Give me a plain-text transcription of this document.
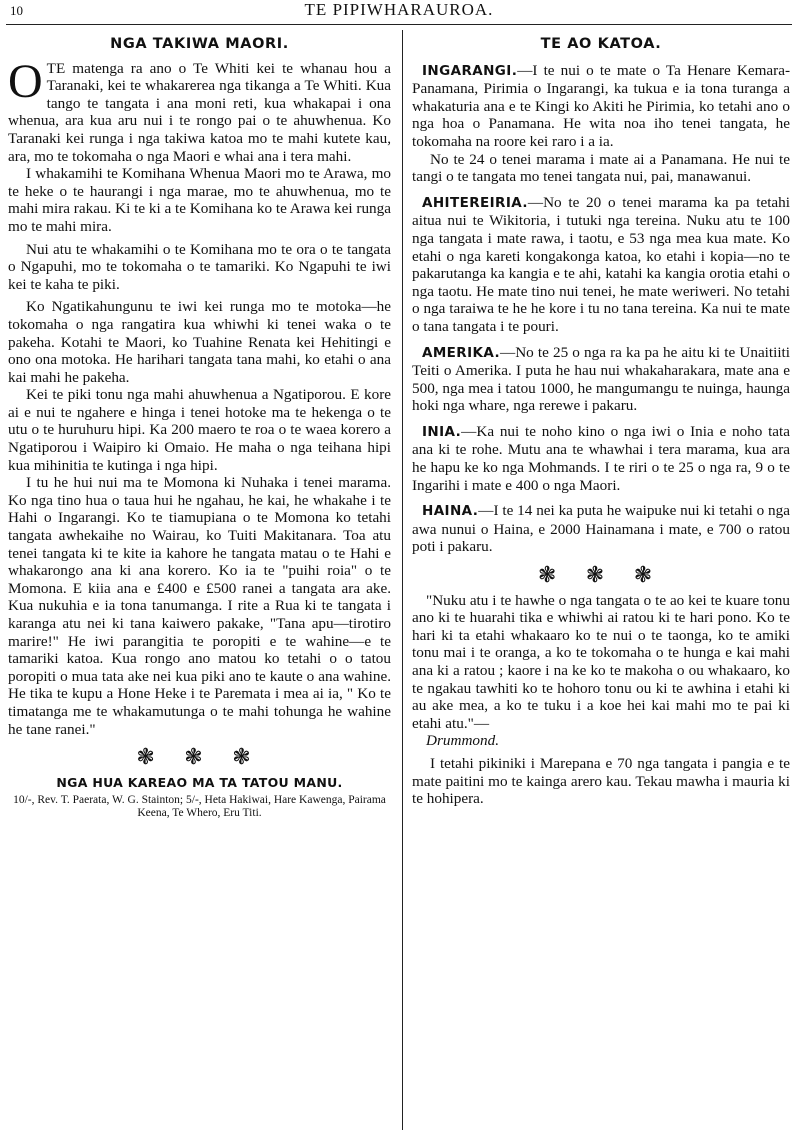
10	TE PIPIWHARAUROA.
NGA TAKIWA MAORI.

OTE matenga ra ano o Te Whiti kei te whanau hou a Taranaki, kei te whakarerea nga tikanga a Te Whiti. Kua tango te tangata i ana moni reti, kua whakapai i ona whenua, ara kua aru nui i te rongo pai o te ahuwhenua. Ko Taranaki kei runga i nga takiwa katoa mo te mahi kutete kau, ara, mo te tokomaha o nga Maori e whai ana i tera mahi.

I whakamihi te Komihana Whenua Maori mo te Arawa, mo te heke o te haurangi i nga marae, mo te ahuwhenua, mo te mahi mira rakau. Ki te ki a te Komihana ko te Arawa kei runga mo te mahi mira.

Nui atu te whakamihi o te Komihana mo te ora o te tangata o Ngapuhi, mo te tokomaha o te tamariki. Ko Ngapuhi te iwi kei te kaha te piki.

Ko Ngatikahungunu te iwi kei runga mo te motoka—he tokomaha o nga rangatira kua whiwhi ki tenei waka o te pakeha. Kotahi te Maori, ko Tuahine Renata kei Hehitingi e ono ona motoka. He harihari tangata tana mahi, ko etahi o ana kai mahi he pakeha.

Kei te piki tonu nga mahi ahuwhenua a Ngatiporou. E kore ai e nui te ngahere e hinga i tenei hotoke ma te hekenga o te utu o te huruhuru hipi. Ka 200 maero te roa o te waea korero a Ngatiporou i Waipiro ki Omaio. He maha o nga teihana hipi kua mihinitia te kutinga i nga hipi.

I tu he hui nui ma te Momona ki Nuhaka i tenei marama. Ko nga tino hua o taua hui he ngahau, he kai, he whakahe i te Hahi o Ingarangi. Ko te tiamupiana o te Momona ko tetahi tangata awhekaihe no Wairau, ko Tuiti Makitanara. Toa atu tenei tangata ki te kite ia kahore he tangata matau o te Hahi e whakarongo ana ki ana korero. Ko ia te "puihi roia" o te Momona. E kiia ana e £400 e £500 ranei a tangata ara ake. Kua nukuhia e ia tona tanumanga. I rite a Rua ki te tangata i karanga atu nei ki tana kaiwero pakake, "Tana apu—tirotiro marire!" He iwi parangitia te poropiti e te wahine—e te tamariki katoa. Kua rongo ano matou ko tetahi o o tatou poropiti o mua tata ake nei kua piki ano te kaute o ana wahine. He tika te kupu a Hone Heke i te Paremata i mea ai ia, " Ko te timatanga me te whakamutunga o te mahi tohunga he wahine he tane ranei."

❃ ❃ ❃
NGA HUA KAREAO MA TA TATOU MANU.
10/-, Rev. T. Paerata, W. G. Stainton; 5/-, Heta Hakiwai, Hare Kawenga, Pairama Keena, Te Whero, Eru Titi.
TE AO KATOA.

INGARANGI.—I te nui o te mate o Ta Henare Kemara-Panamana, Pirimia o Ingarangi, ka tukua e ia tona turanga a whakaturia ana e te Kingi ko Akiti he Pirimia, ko tetahi ano o nga hoa o Panamana. He wita noa iho tenei tangata, he tokomaha na roore kei raro i a ia.

No te 24 o tenei marama i mate ai a Panamana. He nui te tangi o te tangata mo tenei tangata nui, pai, manawanui.

AHITEREIRIA.—No te 20 o tenei marama ka pa tetahi aitua nui te Wikitoria, i tutuki nga tereina. Nuku atu te 100 nga tangata i mate rawa, i taotu, e 53 nga mea kua mate. Ko etahi o nga kareti kongakonga katoa, ko etahi i kopia—no te pakarutanga ka kangia e te ahi, katahi ka kangia orotia etahi o nga taotu. He mate tino nui tenei, he mate weriweri. No tetahi o nga taraiwa te he he kore i tu no tana tereina. Ka nui te mate o tana tangata i te pouri.

AMERIKA.—No te 25 o nga ra ka pa he aitu ki te Unaitiiti Teiti o Amerika. I puta he hau nui whakaharakara, mate ana e 500, nga mea i tatou 1000, he mangumangu te nuinga, haunga hoki nga whare, nga rerewe i pakaru.

INIA.—Ka nui te noho kino o nga iwi o Inia e noho tata ana ki te rohe. Mutu ana te whawhai i tera marama, kua ara he hapu ke ko nga Mohmands. I te riri o te 25 o nga ra, 9 o te Ingarihi i mate e 400 o nga Maori.

HAINA.—I te 14 nei ka puta he waipuke nui ki tetahi o nga awa nunui o Haina, e 2000 Hainamana i mate, e 700 o ratou poti i pakaru.

❃ ❃ ❃

"Nuku atu i te hawhe o nga tangata o te ao kei te kuare tonu ano ki te huarahi tika e whiwhi ai ratou ki te hari pono. Ko te hari ki ta etahi whakaaro ko te nui o te taonga, ko te amiki tonu mai i te oranga, a ko te tokomaha o te hunga e kai mahi ana ki a ratou ; kaore i na ke ko te makoha o ou whakaaro, ko te ngakau tawhiti ko te hohoro tonu ou ki te awhina i etahi ki au ake mea, a ko te tuku i a koe hei kai mahi mo te pai ki etahi atu."—

Drummond.

I tetahi pikiniki i Marepana e 70 nga tangata i pangia e te mate paitini mo te kainga arero kau. Tekau mawha i mauria ki te hohipera.
